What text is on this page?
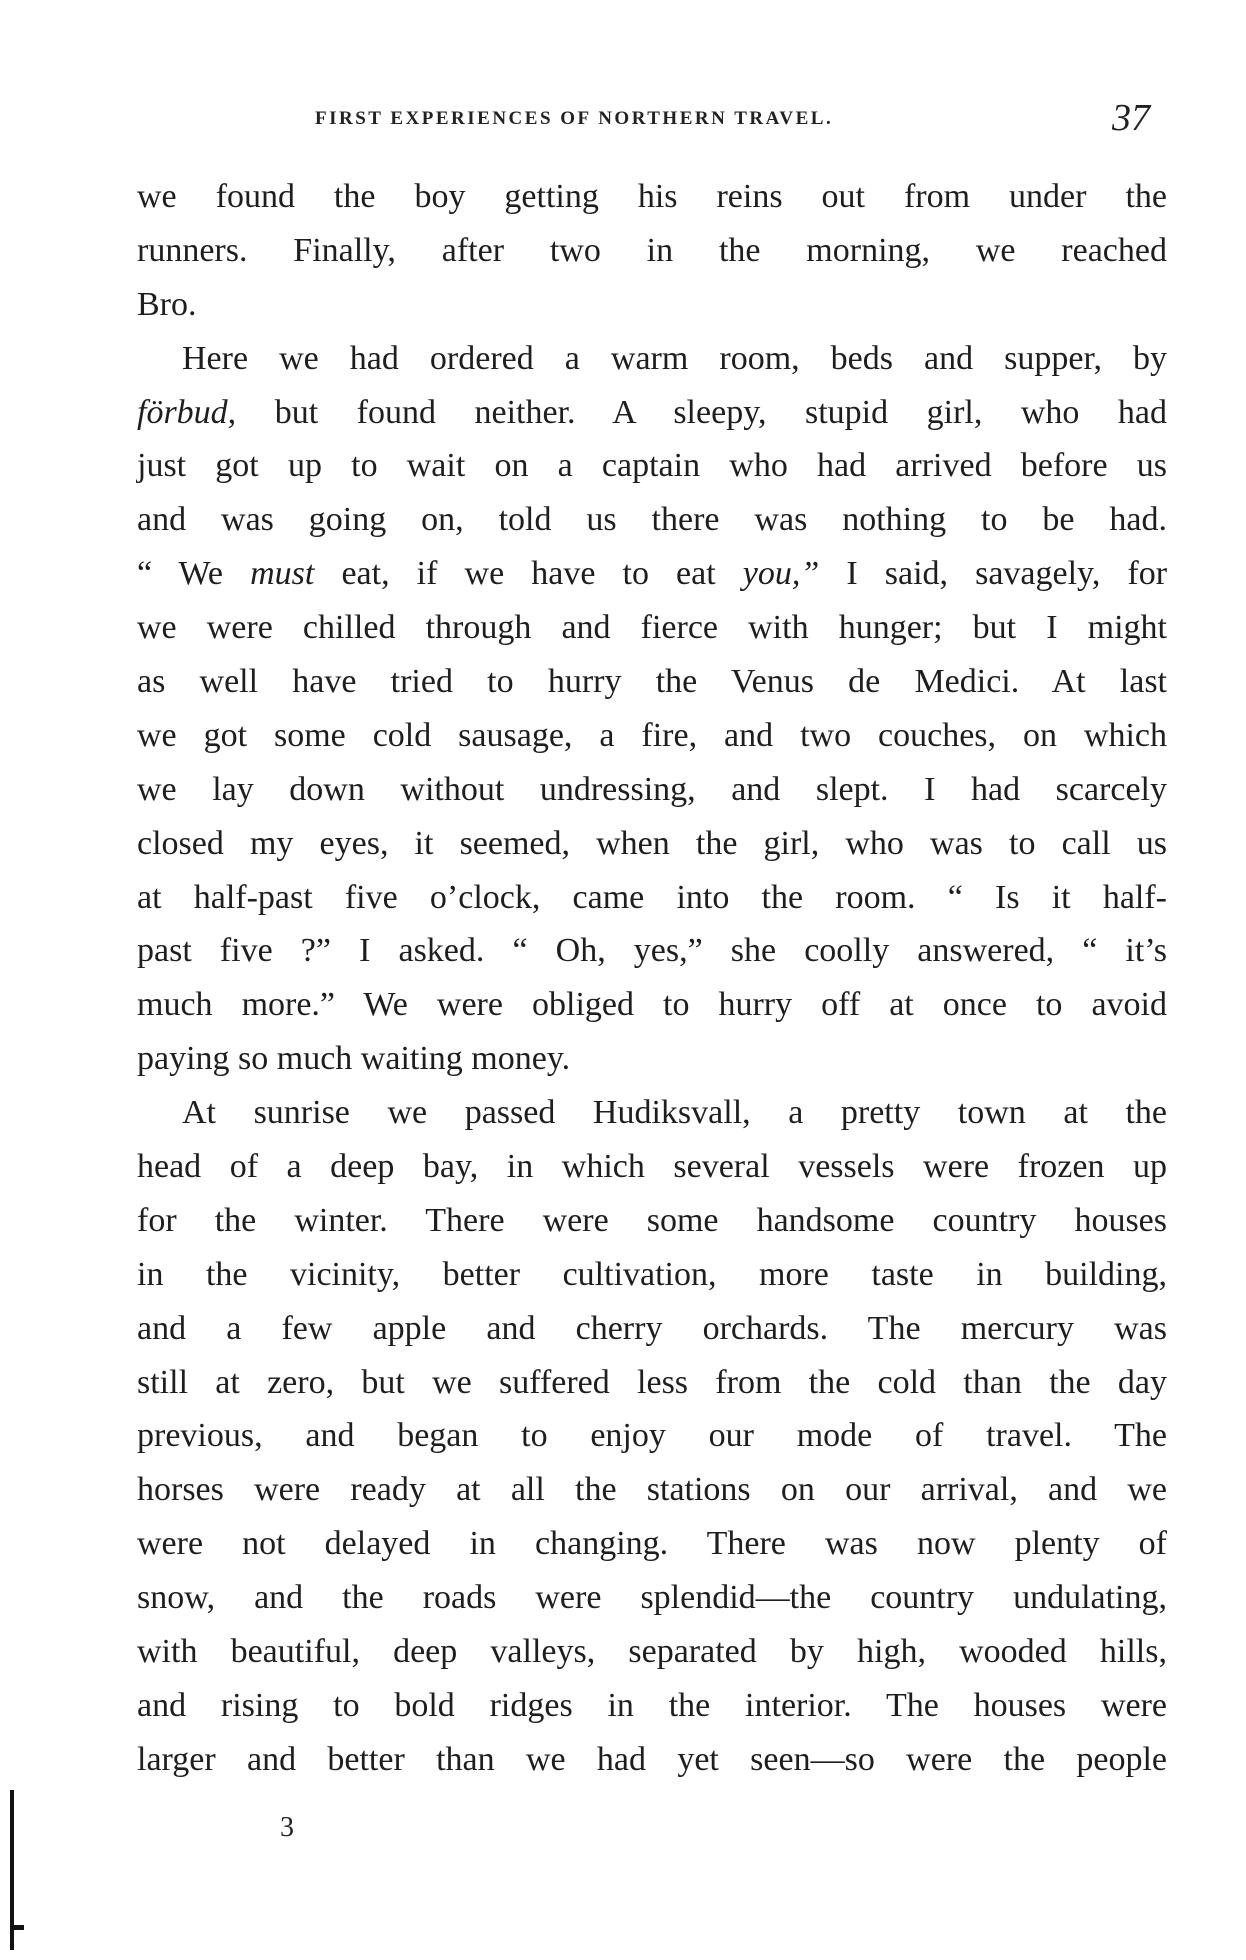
FIRST EXPERIENCES OF NORTHERN TRAVEL.	37
we found the boy getting his reins out from under the
runners. Finally, after two in the morning, we reached
Bro.
Here we had ordered a warm room, beds and supper, by
förbud, but found neither. A sleepy, stupid girl, who had
just got up to wait on a captain who had arrived before us
and was going on, told us there was nothing to be had.
“ We must eat, if we have to eat you,” I said, savagely, for
we were chilled through and fierce with hunger; but I might
as well have tried to hurry the Venus de Medici. At last
we got some cold sausage, a fire, and two couches, on which
we lay down without undressing, and slept. I had scarcely
closed my eyes, it seemed, when the girl, who was to call us
at half-past five o’clock, came into the room. “ Is it half-
past five ?” I asked. “ Oh, yes,” she coolly answered, “ it’s
much more.” We were obliged to hurry off at once to avoid
paying so much waiting money.
At sunrise we passed Hudiksvall, a pretty town at the
head of a deep bay, in which several vessels were frozen up
for the winter. There were some handsome country houses
in the vicinity, better cultivation, more taste in building,
and a few apple and cherry orchards. The mercury was
still at zero, but we suffered less from the cold than the day
previous, and began to enjoy our mode of travel. The
horses were ready at all the stations on our arrival, and we
were not delayed in changing. There was now plenty of
snow, and the roads were splendid—the country undulating,
with beautiful, deep valleys, separated by high, wooded hills,
and rising to bold ridges in the interior. The houses were
larger and better than we had yet seen—so were the people
3
